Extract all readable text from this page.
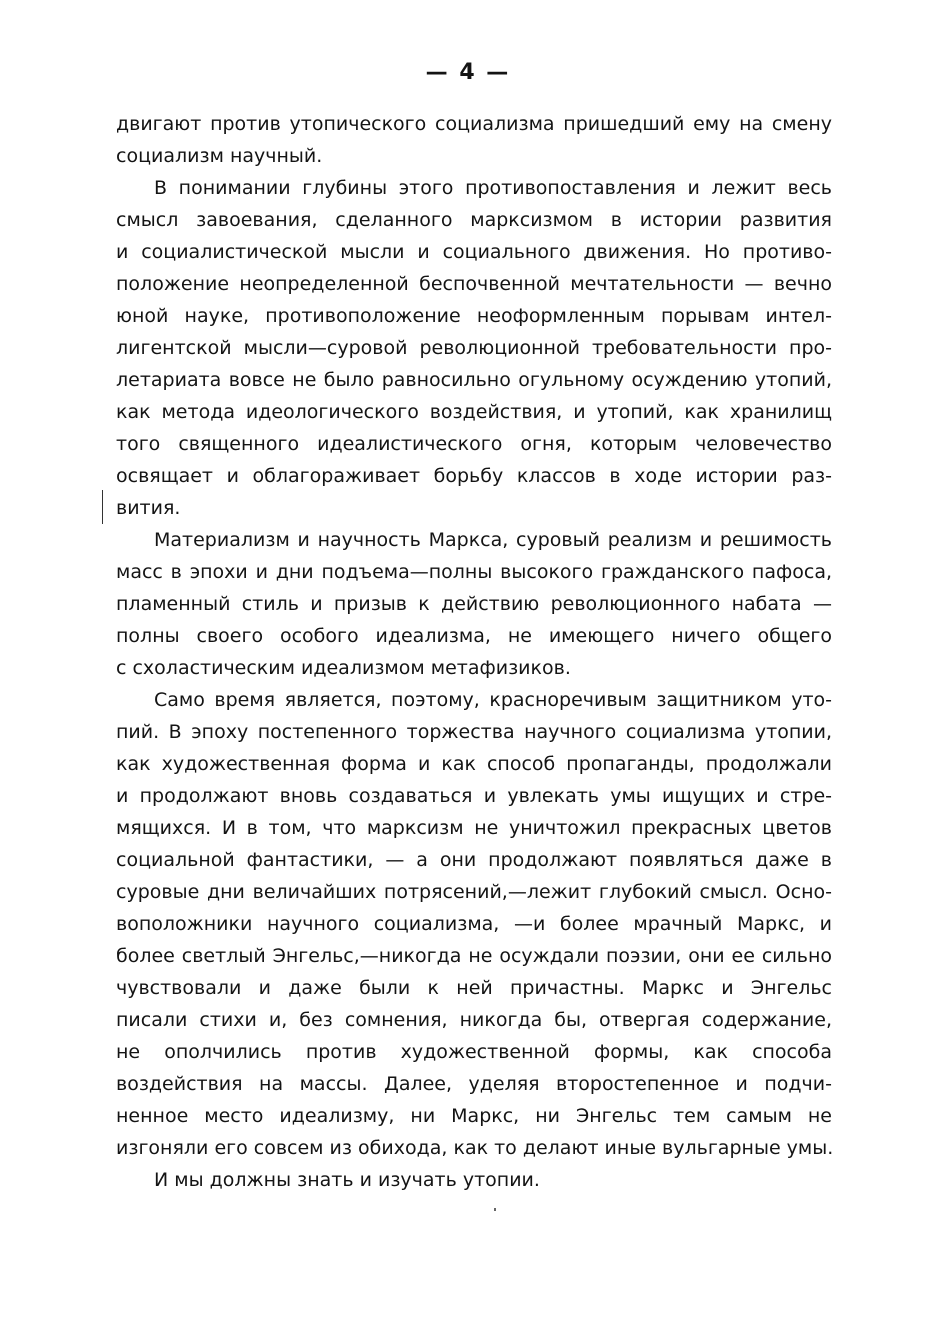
— 4 —
двигают против утопического социализма пришедший ему на смену
социализм научный.
В понимании глубины этого противопоставления и лежит весь
смысл завоевания, сделанного марксизмом в истории развития
и социалистической мысли и социального движения. Но противо-
положение неопределенной беспочвенной мечтательности — вечно
юной науке, противоположение неоформленным порывам интел-
лигентской мысли—суровой революционной требовательности про-
летариата вовсе не было равносильно огульному осуждению утопий,
как метода идеологического воздействия, и утопий, как хранилищ
того священного идеалистического огня, которым человечество
освящает и облагораживает борьбу классов в ходе истории раз-
вития.
Материализм и научность Маркса, суровый реализм и решимость
масс в эпохи и дни подъема—полны высокого гражданского пафоса,
пламенный стиль и призыв к действию революционного набата —
полны своего особого идеализма, не имеющего ничего общего
с схоластическим идеализмом метафизиков.
Само время является, поэтому, красноречивым защитником уто-
пий. В эпоху постепенного торжества научного социализма утопии,
как художественная форма и как способ пропаганды, продолжали
и продолжают вновь создаваться и увлекать умы ищущих и стре-
мящихся. И в том, что марксизм не уничтожил прекрасных цветов
социальной фантастики, — а они продолжают появляться даже в
суровые дни величайших потрясений,—лежит глубокий смысл. Осно-
воположники научного социализма, —и более мрачный Маркс, и
более светлый Энгельс,—никогда не осуждали поэзии, они ее сильно
чувствовали и даже были к ней причастны. Маркс и Энгельс
писали стихи и, без сомнения, никогда бы, отвергая содержание,
не ополчились против художественной формы, как способа
воздействия на массы. Далее, уделяя второстепенное и подчи-
ненное место идеализму, ни Маркс, ни Энгельс тем самым не
изгоняли его совсем из обихода, как то делают иные вульгарные умы.
И мы должны знать и изучать утопии.
